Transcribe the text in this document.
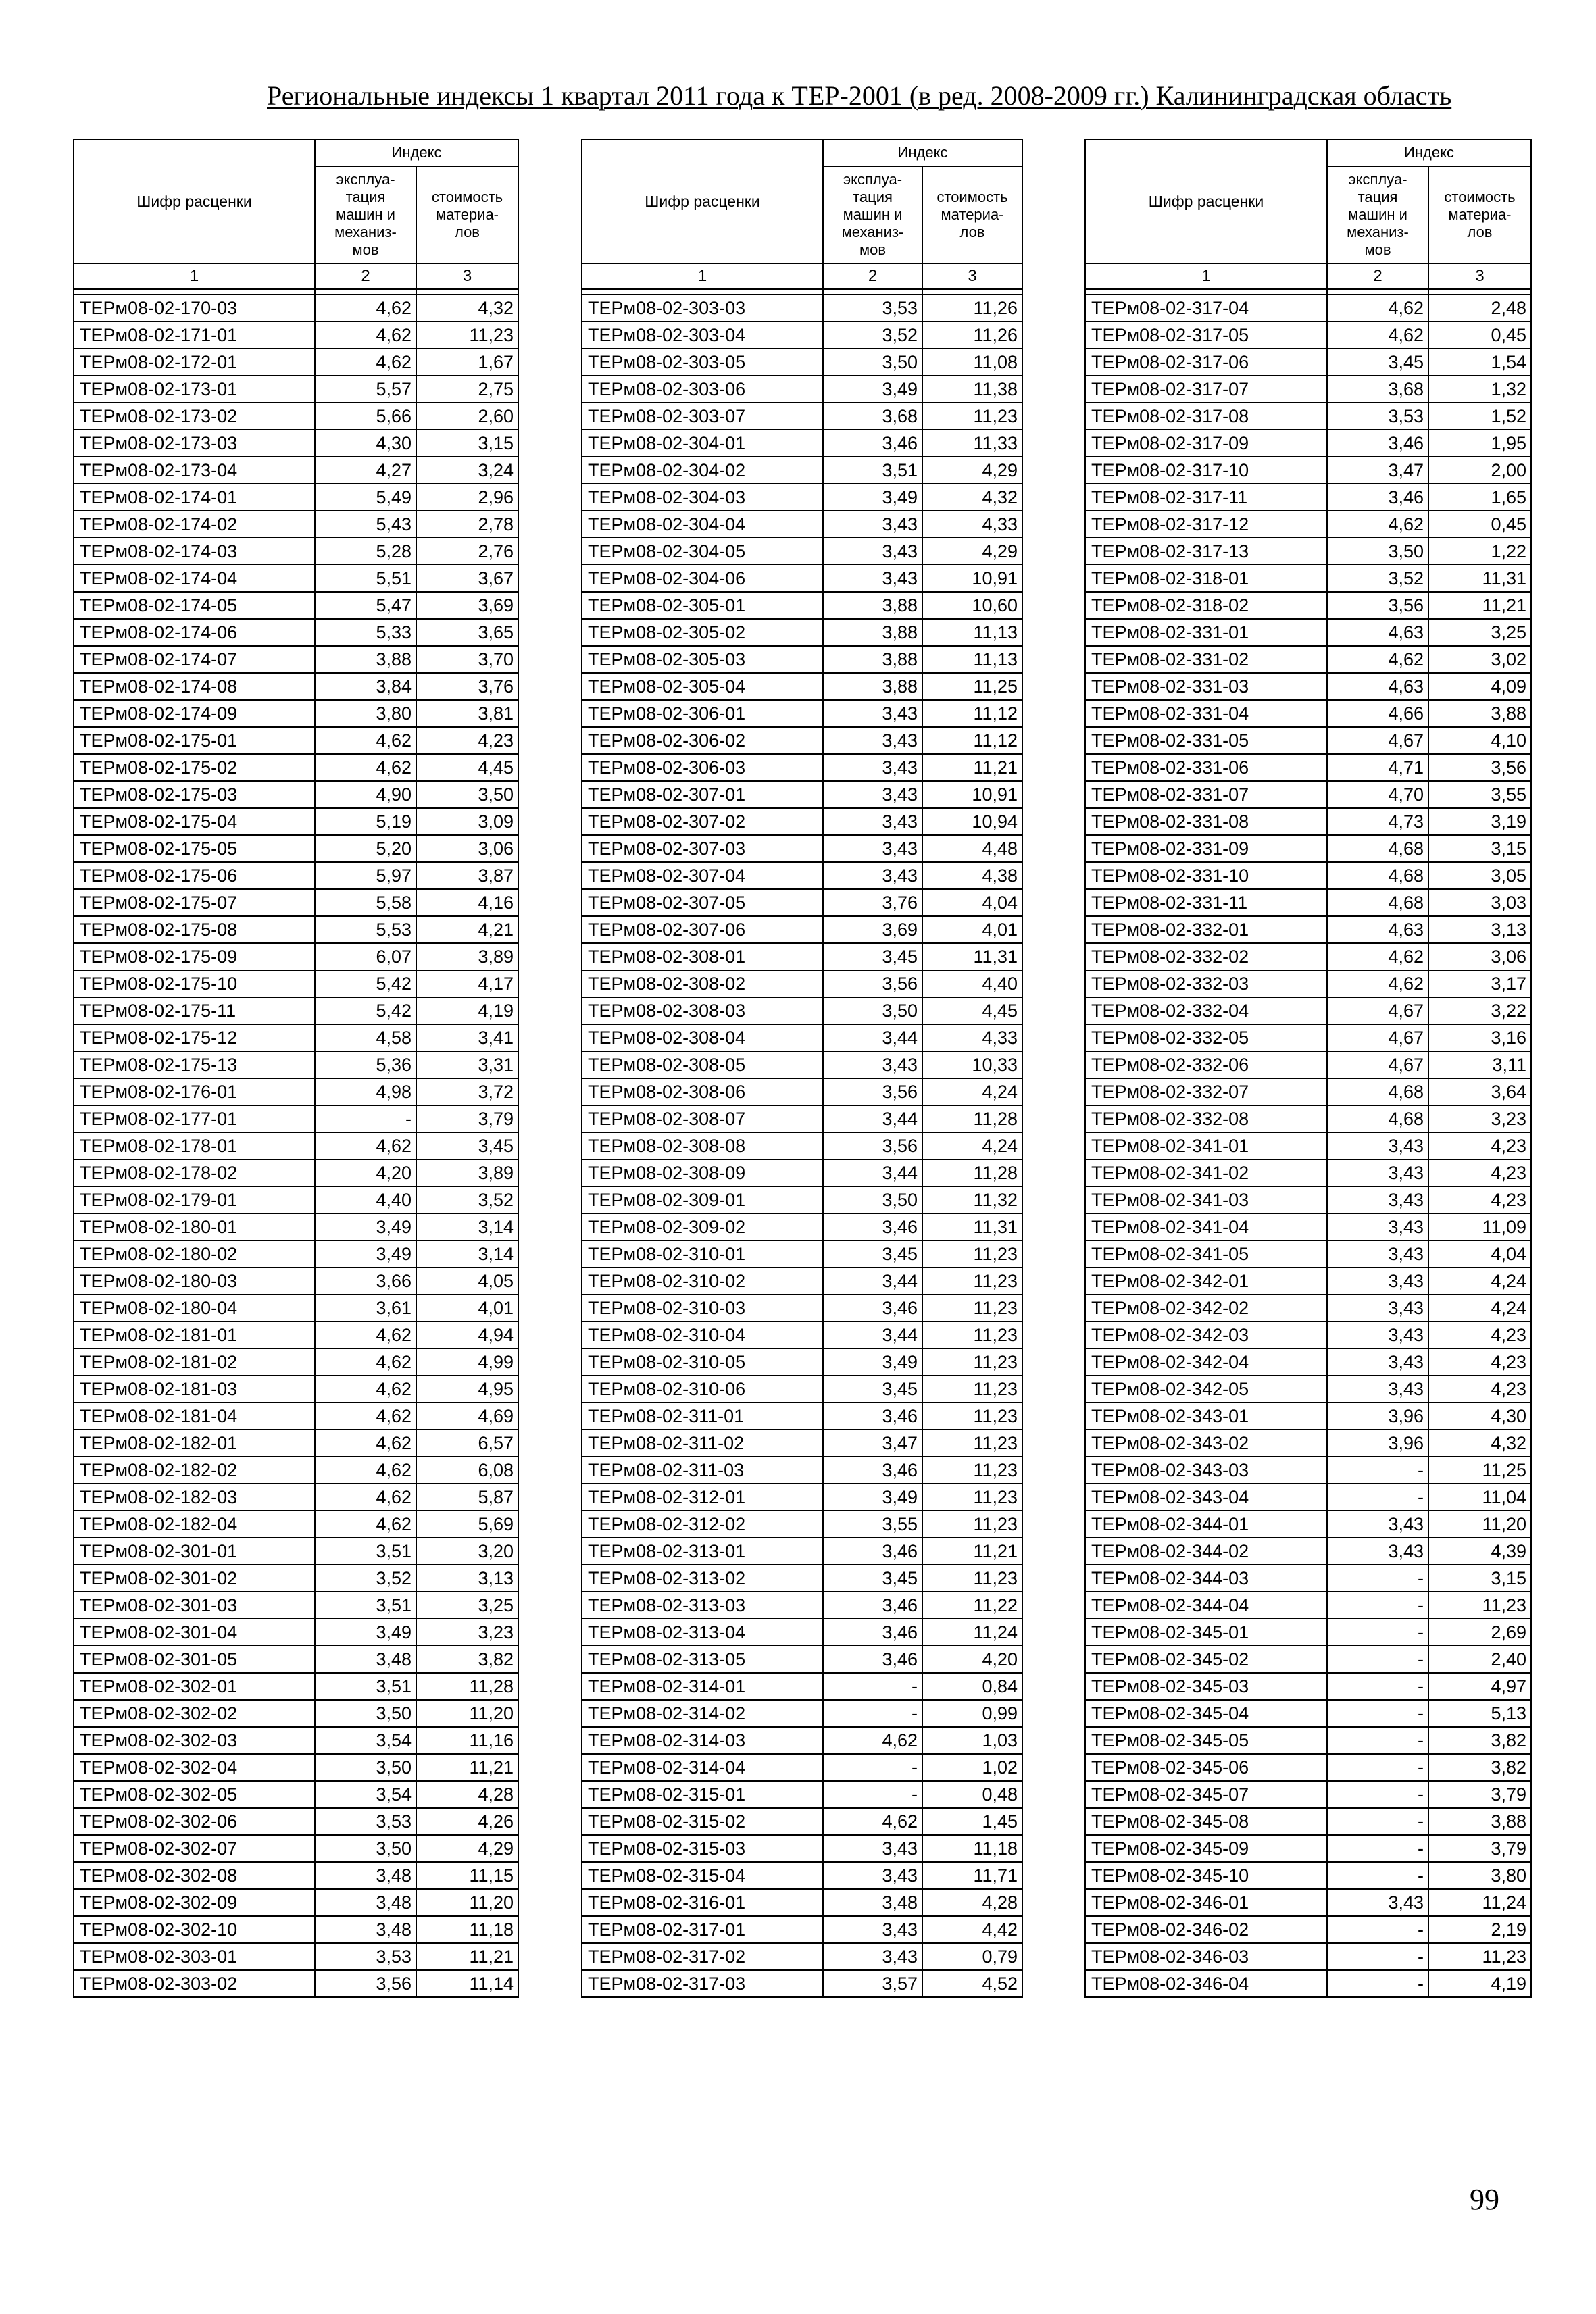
Региональные индексы 1 квартал 2011 года к ТЕР-2001 (в ред. 2008-2009 гг.) Калининградская область
Шифр расценки	Индекс	
	эксплуа-
тация
машин и
механиз-
мов	стоимость
материа-
лов
1	2	3

ТЕРм08-02-170-03	4,62	4,32
ТЕРм08-02-171-01	4,62	11,23
ТЕРм08-02-172-01	4,62	1,67
ТЕРм08-02-173-01	5,57	2,75
ТЕРм08-02-173-02	5,66	2,60
ТЕРм08-02-173-03	4,30	3,15
ТЕРм08-02-173-04	4,27	3,24
ТЕРм08-02-174-01	5,49	2,96
ТЕРм08-02-174-02	5,43	2,78
ТЕРм08-02-174-03	5,28	2,76
ТЕРм08-02-174-04	5,51	3,67
ТЕРм08-02-174-05	5,47	3,69
ТЕРм08-02-174-06	5,33	3,65
ТЕРм08-02-174-07	3,88	3,70
ТЕРм08-02-174-08	3,84	3,76
ТЕРм08-02-174-09	3,80	3,81
ТЕРм08-02-175-01	4,62	4,23
ТЕРм08-02-175-02	4,62	4,45
ТЕРм08-02-175-03	4,90	3,50
ТЕРм08-02-175-04	5,19	3,09
ТЕРм08-02-175-05	5,20	3,06
ТЕРм08-02-175-06	5,97	3,87
ТЕРм08-02-175-07	5,58	4,16
ТЕРм08-02-175-08	5,53	4,21
ТЕРм08-02-175-09	6,07	3,89
ТЕРм08-02-175-10	5,42	4,17
ТЕРм08-02-175-11	5,42	4,19
ТЕРм08-02-175-12	4,58	3,41
ТЕРм08-02-175-13	5,36	3,31
ТЕРм08-02-176-01	4,98	3,72
ТЕРм08-02-177-01	-	3,79
ТЕРм08-02-178-01	4,62	3,45
ТЕРм08-02-178-02	4,20	3,89
ТЕРм08-02-179-01	4,40	3,52
ТЕРм08-02-180-01	3,49	3,14
ТЕРм08-02-180-02	3,49	3,14
ТЕРм08-02-180-03	3,66	4,05
ТЕРм08-02-180-04	3,61	4,01
ТЕРм08-02-181-01	4,62	4,94
ТЕРм08-02-181-02	4,62	4,99
ТЕРм08-02-181-03	4,62	4,95
ТЕРм08-02-181-04	4,62	4,69
ТЕРм08-02-182-01	4,62	6,57
ТЕРм08-02-182-02	4,62	6,08
ТЕРм08-02-182-03	4,62	5,87
ТЕРм08-02-182-04	4,62	5,69
ТЕРм08-02-301-01	3,51	3,20
ТЕРм08-02-301-02	3,52	3,13
ТЕРм08-02-301-03	3,51	3,25
ТЕРм08-02-301-04	3,49	3,23
ТЕРм08-02-301-05	3,48	3,82
ТЕРм08-02-302-01	3,51	11,28
ТЕРм08-02-302-02	3,50	11,20
ТЕРм08-02-302-03	3,54	11,16
ТЕРм08-02-302-04	3,50	11,21
ТЕРм08-02-302-05	3,54	4,28
ТЕРм08-02-302-06	3,53	4,26
ТЕРм08-02-302-07	3,50	4,29
ТЕРм08-02-302-08	3,48	11,15
ТЕРм08-02-302-09	3,48	11,20
ТЕРм08-02-302-10	3,48	11,18
ТЕРм08-02-303-01	3,53	11,21
ТЕРм08-02-303-02	3,56	11,14
Шифр расценки	Индекс	
	эксплуа-
тация
машин и
механиз-
мов	стоимость
материа-
лов
1	2	3

ТЕРм08-02-303-03	3,53	11,26
ТЕРм08-02-303-04	3,52	11,26
ТЕРм08-02-303-05	3,50	11,08
ТЕРм08-02-303-06	3,49	11,38
ТЕРм08-02-303-07	3,68	11,23
ТЕРм08-02-304-01	3,46	11,33
ТЕРм08-02-304-02	3,51	4,29
ТЕРм08-02-304-03	3,49	4,32
ТЕРм08-02-304-04	3,43	4,33
ТЕРм08-02-304-05	3,43	4,29
ТЕРм08-02-304-06	3,43	10,91
ТЕРм08-02-305-01	3,88	10,60
ТЕРм08-02-305-02	3,88	11,13
ТЕРм08-02-305-03	3,88	11,13
ТЕРм08-02-305-04	3,88	11,25
ТЕРм08-02-306-01	3,43	11,12
ТЕРм08-02-306-02	3,43	11,12
ТЕРм08-02-306-03	3,43	11,21
ТЕРм08-02-307-01	3,43	10,91
ТЕРм08-02-307-02	3,43	10,94
ТЕРм08-02-307-03	3,43	4,48
ТЕРм08-02-307-04	3,43	4,38
ТЕРм08-02-307-05	3,76	4,04
ТЕРм08-02-307-06	3,69	4,01
ТЕРм08-02-308-01	3,45	11,31
ТЕРм08-02-308-02	3,56	4,40
ТЕРм08-02-308-03	3,50	4,45
ТЕРм08-02-308-04	3,44	4,33
ТЕРм08-02-308-05	3,43	10,33
ТЕРм08-02-308-06	3,56	4,24
ТЕРм08-02-308-07	3,44	11,28
ТЕРм08-02-308-08	3,56	4,24
ТЕРм08-02-308-09	3,44	11,28
ТЕРм08-02-309-01	3,50	11,32
ТЕРм08-02-309-02	3,46	11,31
ТЕРм08-02-310-01	3,45	11,23
ТЕРм08-02-310-02	3,44	11,23
ТЕРм08-02-310-03	3,46	11,23
ТЕРм08-02-310-04	3,44	11,23
ТЕРм08-02-310-05	3,49	11,23
ТЕРм08-02-310-06	3,45	11,23
ТЕРм08-02-311-01	3,46	11,23
ТЕРм08-02-311-02	3,47	11,23
ТЕРм08-02-311-03	3,46	11,23
ТЕРм08-02-312-01	3,49	11,23
ТЕРм08-02-312-02	3,55	11,23
ТЕРм08-02-313-01	3,46	11,21
ТЕРм08-02-313-02	3,45	11,23
ТЕРм08-02-313-03	3,46	11,22
ТЕРм08-02-313-04	3,46	11,24
ТЕРм08-02-313-05	3,46	4,20
ТЕРм08-02-314-01	-	0,84
ТЕРм08-02-314-02	-	0,99
ТЕРм08-02-314-03	4,62	1,03
ТЕРм08-02-314-04	-	1,02
ТЕРм08-02-315-01	-	0,48
ТЕРм08-02-315-02	4,62	1,45
ТЕРм08-02-315-03	3,43	11,18
ТЕРм08-02-315-04	3,43	11,71
ТЕРм08-02-316-01	3,48	4,28
ТЕРм08-02-317-01	3,43	4,42
ТЕРм08-02-317-02	3,43	0,79
ТЕРм08-02-317-03	3,57	4,52
Шифр расценки	Индекс	
	эксплуа-
тация
машин и
механиз-
мов	стоимость
материа-
лов
1	2	3

ТЕРм08-02-317-04	4,62	2,48
ТЕРм08-02-317-05	4,62	0,45
ТЕРм08-02-317-06	3,45	1,54
ТЕРм08-02-317-07	3,68	1,32
ТЕРм08-02-317-08	3,53	1,52
ТЕРм08-02-317-09	3,46	1,95
ТЕРм08-02-317-10	3,47	2,00
ТЕРм08-02-317-11	3,46	1,65
ТЕРм08-02-317-12	4,62	0,45
ТЕРм08-02-317-13	3,50	1,22
ТЕРм08-02-318-01	3,52	11,31
ТЕРм08-02-318-02	3,56	11,21
ТЕРм08-02-331-01	4,63	3,25
ТЕРм08-02-331-02	4,62	3,02
ТЕРм08-02-331-03	4,63	4,09
ТЕРм08-02-331-04	4,66	3,88
ТЕРм08-02-331-05	4,67	4,10
ТЕРм08-02-331-06	4,71	3,56
ТЕРм08-02-331-07	4,70	3,55
ТЕРм08-02-331-08	4,73	3,19
ТЕРм08-02-331-09	4,68	3,15
ТЕРм08-02-331-10	4,68	3,05
ТЕРм08-02-331-11	4,68	3,03
ТЕРм08-02-332-01	4,63	3,13
ТЕРм08-02-332-02	4,62	3,06
ТЕРм08-02-332-03	4,62	3,17
ТЕРм08-02-332-04	4,67	3,22
ТЕРм08-02-332-05	4,67	3,16
ТЕРм08-02-332-06	4,67	3,11
ТЕРм08-02-332-07	4,68	3,64
ТЕРм08-02-332-08	4,68	3,23
ТЕРм08-02-341-01	3,43	4,23
ТЕРм08-02-341-02	3,43	4,23
ТЕРм08-02-341-03	3,43	4,23
ТЕРм08-02-341-04	3,43	11,09
ТЕРм08-02-341-05	3,43	4,04
ТЕРм08-02-342-01	3,43	4,24
ТЕРм08-02-342-02	3,43	4,24
ТЕРм08-02-342-03	3,43	4,23
ТЕРм08-02-342-04	3,43	4,23
ТЕРм08-02-342-05	3,43	4,23
ТЕРм08-02-343-01	3,96	4,30
ТЕРм08-02-343-02	3,96	4,32
ТЕРм08-02-343-03	-	11,25
ТЕРм08-02-343-04	-	11,04
ТЕРм08-02-344-01	3,43	11,20
ТЕРм08-02-344-02	3,43	4,39
ТЕРм08-02-344-03	-	3,15
ТЕРм08-02-344-04	-	11,23
ТЕРм08-02-345-01	-	2,69
ТЕРм08-02-345-02	-	2,40
ТЕРм08-02-345-03	-	4,97
ТЕРм08-02-345-04	-	5,13
ТЕРм08-02-345-05	-	3,82
ТЕРм08-02-345-06	-	3,82
ТЕРм08-02-345-07	-	3,79
ТЕРм08-02-345-08	-	3,88
ТЕРм08-02-345-09	-	3,79
ТЕРм08-02-345-10	-	3,80
ТЕРм08-02-346-01	3,43	11,24
ТЕРм08-02-346-02	-	2,19
ТЕРм08-02-346-03	-	11,23
ТЕРм08-02-346-04	-	4,19
99
